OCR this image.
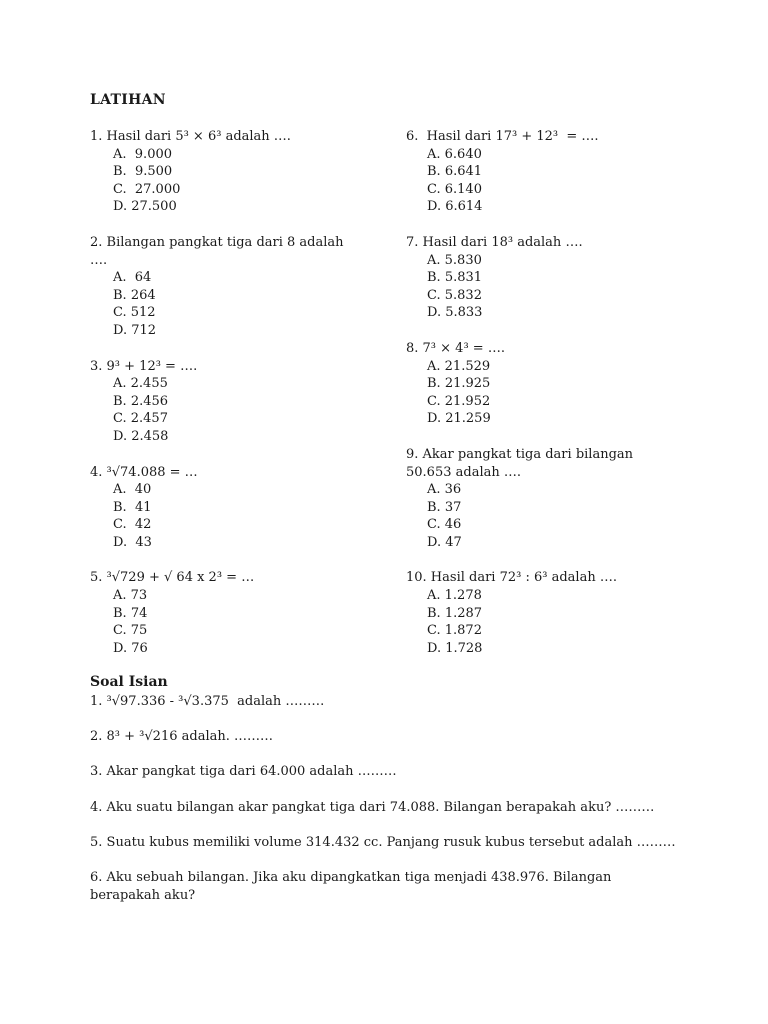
LATIHAN
1. Hasil dari 5³ × 6³ adalah ….
A.  9.000
B.  9.500
C.  27.000
D. 27.500
2. Bilangan pangkat tiga dari 8 adalah
….
A.  64
B. 264
C. 512
D. 712
3. 9³ + 12³ = ….
A. 2.455
B. 2.456
C. 2.457
D. 2.458
4. ³√74.088 = …
A.  40
B.  41
C.  42
D.  43
5. ³√729 + √ 64 x 2³ = …
A. 73
B. 74
C. 75
D. 76
6.  Hasil dari 17³ + 12³  = ….
A. 6.640
B. 6.641
C. 6.140
D. 6.614
7. Hasil dari 18³ adalah ….
A. 5.830
B. 5.831
C. 5.832
D. 5.833
8. 7³ × 4³ = ….
A. 21.529
B. 21.925
C. 21.952
D. 21.259
9. Akar pangkat tiga dari bilangan
50.653 adalah ….
A. 36
B. 37
C. 46
D. 47
10. Hasil dari 72³ : 6³ adalah ….
A. 1.278
B. 1.287
C. 1.872
D. 1.728
Soal Isian
1. ³√97.336 - ³√3.375  adalah ………
2. 8³ + ³√216 adalah. ………
3. Akar pangkat tiga dari 64.000 adalah ………
4. Aku suatu bilangan akar pangkat tiga dari 74.088. Bilangan berapakah aku? ………
5. Suatu kubus memiliki volume 314.432 cc. Panjang rusuk kubus tersebut adalah ………
6. Aku sebuah bilangan. Jika aku dipangkatkan tiga menjadi 438.976. Bilangan
berapakah aku?
